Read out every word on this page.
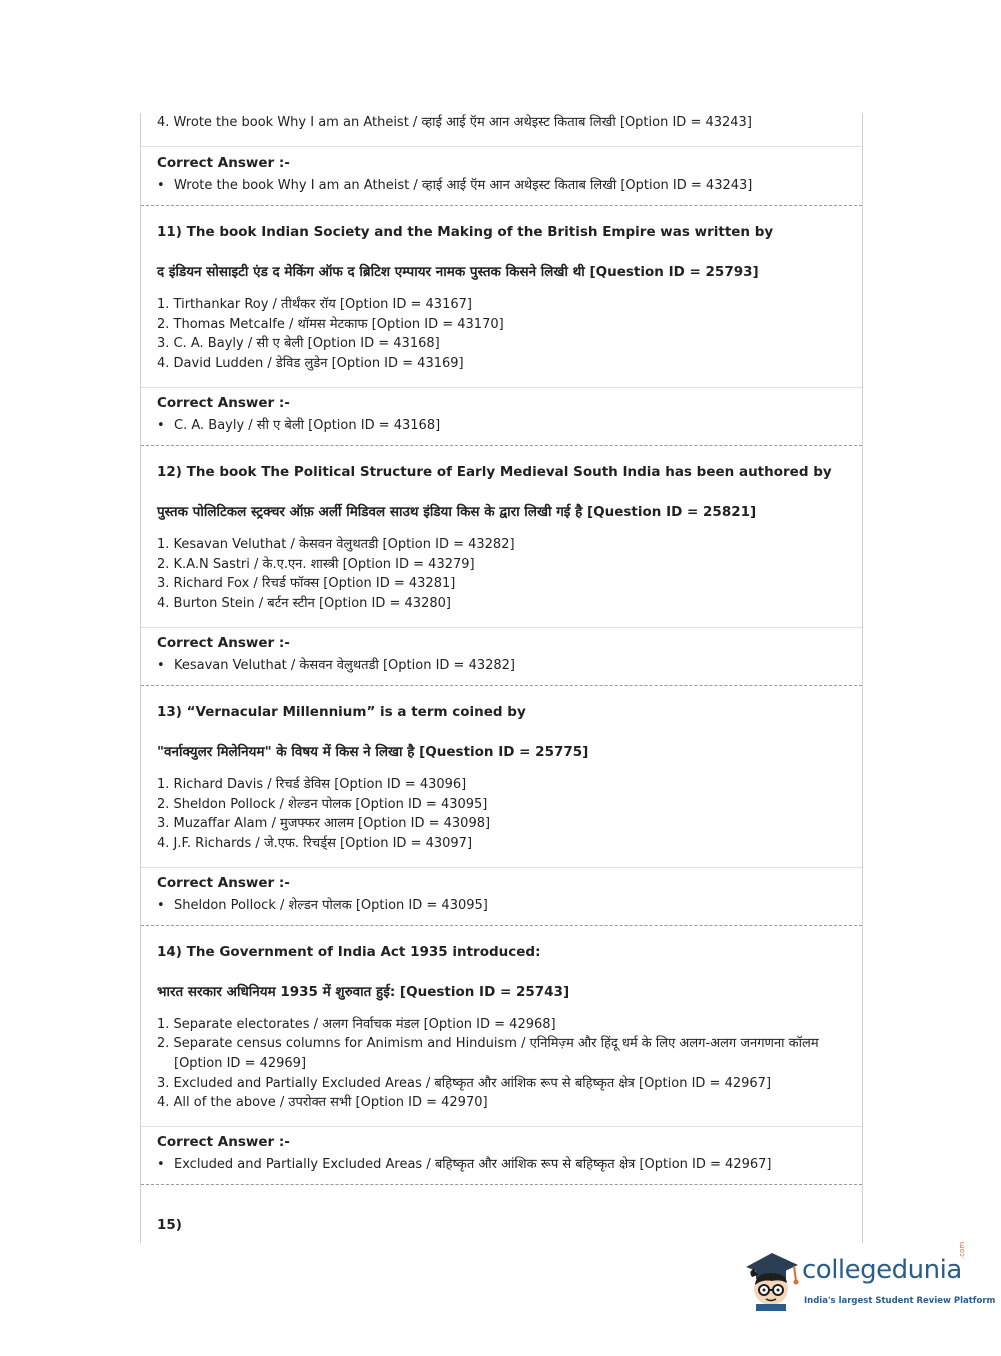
4. Wrote the book Why I am an Atheist / व्हाई आई ऍम आन अथेइस्ट किताब लिखी [Option ID = 43243]
Correct Answer :-
• Wrote the book Why I am an Atheist / व्हाई आई ऍम आन अथेइस्ट किताब लिखी [Option ID = 43243]
11) The book Indian Society and the Making of the British Empire was written by
द इंडियन सोसाइटी एंड द मेकिंग ऑफ द ब्रिटिश एम्पायर नामक पुस्तक किसने लिखी थी [Question ID = 25793]
1. Tirthankar Roy / तीर्थंकर रॉय [Option ID = 43167]
2. Thomas Metcalfe / थॉमस मेटकाफ [Option ID = 43170]
3. C. A. Bayly / सी ए बेली [Option ID = 43168]
4. David Ludden / डेविड लुडेन [Option ID = 43169]
Correct Answer :-
• C. A. Bayly / सी ए बेली [Option ID = 43168]
12) The book The Political Structure of Early Medieval South India has been authored by
पुस्तक पोलिटिकल स्ट्रक्चर ऑफ़ अर्ली मिडिवल साउथ इंडिया किस के द्वारा लिखी गई है [Question ID = 25821]
1. Kesavan Veluthat / केसवन वेलुथतडी [Option ID = 43282]
2. K.A.N Sastri / के.ए.एन. शास्त्री [Option ID = 43279]
3. Richard Fox / रिचर्ड फॉक्स [Option ID = 43281]
4. Burton Stein / बर्टन स्टीन [Option ID = 43280]
Correct Answer :-
• Kesavan Veluthat / केसवन वेलुथतडी [Option ID = 43282]
13) “Vernacular Millennium” is a term coined by
"वर्नाक्युलर मिलेनियम" के विषय में किस ने लिखा है [Question ID = 25775]
1. Richard Davis / रिचर्ड डेविस [Option ID = 43096]
2. Sheldon Pollock / शेल्डन पोलक [Option ID = 43095]
3. Muzaffar Alam / मुजफ्फर आलम [Option ID = 43098]
4. J.F. Richards / जे.एफ. रिचर्ड्स [Option ID = 43097]
Correct Answer :-
• Sheldon Pollock / शेल्डन पोलक [Option ID = 43095]
14) The Government of India Act 1935 introduced:
भारत सरकार अधिनियम 1935 में शुरुवात हुई: [Question ID = 25743]
1. Separate electorates / अलग निर्वाचक मंडल [Option ID = 42968]
2. Separate census columns for Animism and Hinduism / एनिमिज़्म और हिंदू धर्म के लिए अलग-अलग जनगणना कॉलम [Option ID = 42969]
3. Excluded and Partially Excluded Areas / बहिष्कृत और आंशिक रूप से बहिष्कृत क्षेत्र [Option ID = 42967]
4. All of the above / उपरोक्त सभी [Option ID = 42970]
Correct Answer :-
• Excluded and Partially Excluded Areas / बहिष्कृत और आंशिक रूप से बहिष्कृत क्षेत्र [Option ID = 42967]
15)
collegedunia
.com
India's largest Student Review Platform
